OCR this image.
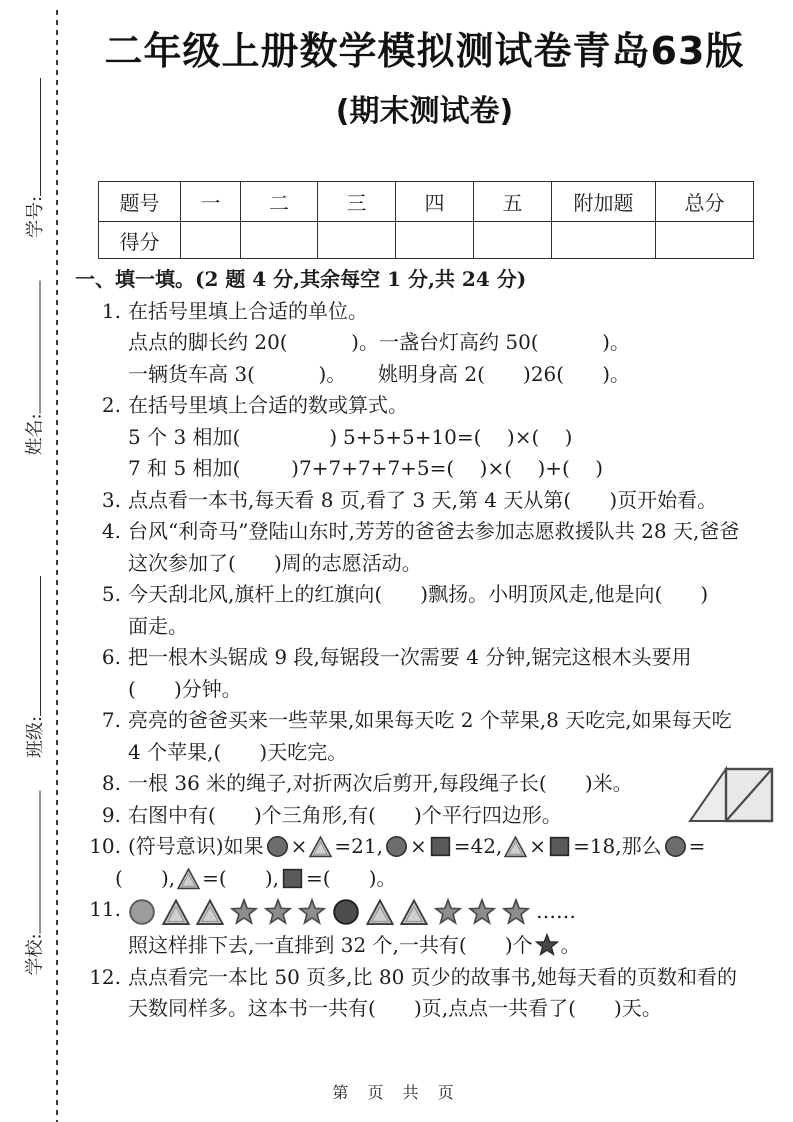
学号:
姓名:
班级:
学校:
二年级上册数学模拟测试卷青岛63版
(期末测试卷)
题号	一	二	三	四	五	附加题	总分
得分							
一、填一填。(2 题 4 分,其余每空 1 分,共 24 分)
1. 在括号里填上合适的单位。
点点的脚长约 20(          )。 一盏台灯高约 50(          )。
一辆货车高 3(          )。	姚明身高 2(      )26(      )。
2. 在括号里填上合适的数或算式。
5 个 3 相加(              ) 5+5+5+10=(    )×(    )
7 和 5 相加(        ) 7+7+7+7+5=(    )×(    )+(    )
3. 点点看一本书,每天看 8 页,看了 3 天,第 4 天从第(      )页开始看。
4. 台风“利奇马”登陆山东时,芳芳的爸爸去参加志愿救援队共 28 天,爸爸
这次参加了(      )周的志愿活动。
5. 今天刮北风,旗杆上的红旗向(      )飘扬。小明顶风走,他是向(      )
面走。
6. 把一根木头锯成 9 段,每锯段一次需要 4 分钟,锯完这根木头要用
(      )分钟。
7. 亮亮的爸爸买来一些苹果,如果每天吃 2 个苹果,8 天吃完,如果每天吃
4 个苹果,(      )天吃完。
8. 一根 36 米的绳子,对折两次后剪开,每段绳子长(      )米。
9. 右图中有(      )个三角形,有(      )个平行四边形。
10. (符号意识)如果 × =21, × =42, × =18,那么 =
(      ), =(      ), =(      )。
11.	……
照这样排下去,一直排到 32 个,一共有(      )个 。
12. 点点看完一本比 50 页多,比 80 页少的故事书,她每天看的页数和看的
天数同样多。这本书一共有(      )页,点点一共看了(      )天。
第 页 共 页
